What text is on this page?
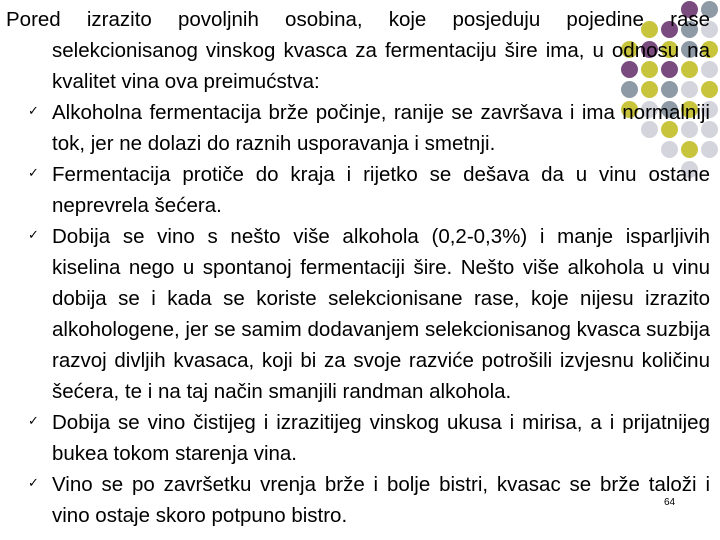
Pored izrazito povoljnih osobina, koje posjeduju pojedine rase selekcionisanog vinskog kvasca za fermentaciju šire ima, u odnosu na kvalitet vina ova preimućstva:

✓ Alkoholna fermentacija brže počinje, ranije se završava i ima normalniji tok, jer ne dolazi do raznih usporavanja i smetnji.
✓ Fermentacija protiče do kraja i rijetko se dešava da u vinu ostane neprevrela šećera.
✓ Dobija se vino s nešto više alkohola (0,2-0,3%) i manje isparljivih kiselina nego u spontanoj fermentaciji šire. Nešto više alkohola u vinu dobija se i kada se koriste selekcionisane rase, koje nijesu izrazito alkohologene, jer se samim dodavanjem selekcionisanog kvasca suzbija razvoj divljih kvasaca, koji bi za svoje razviće potrošili izvjesnu količinu šećera, te i na taj način smanjili randman alkohola.
✓ Dobija se vino čistijeg i izrazitijeg vinskog ukusa i mirisa, a i prijatnijeg bukea tokom starenja vina.
✓ Vino se po završetku vrenja brže i bolje bistri, kvasac se brže taloži i vino ostaje skoro potpuno bistro.
64
